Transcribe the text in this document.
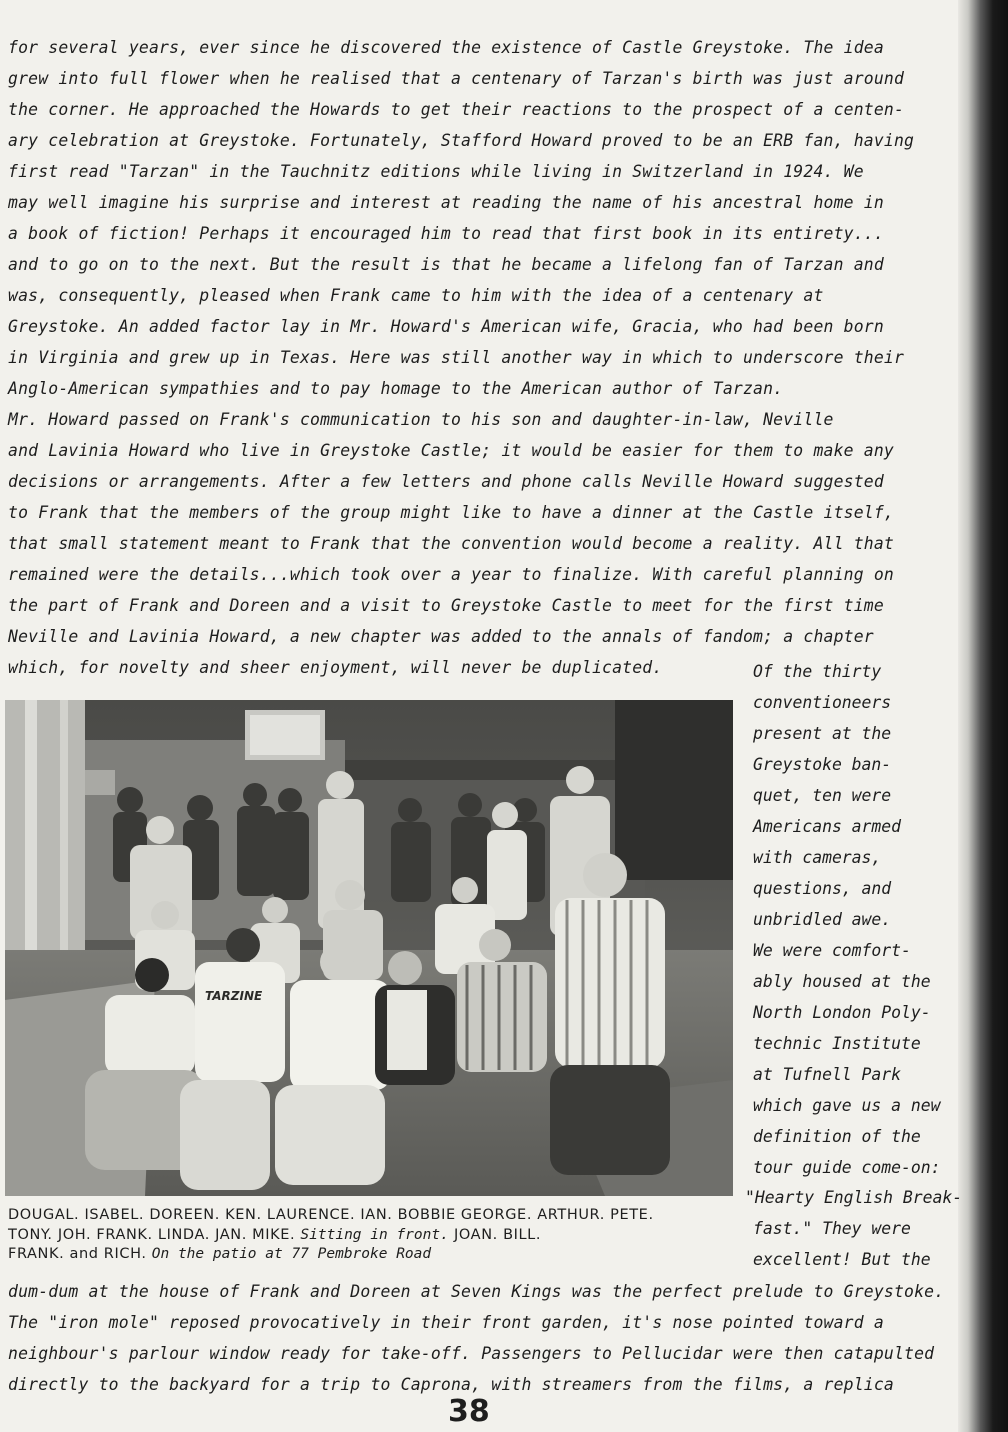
for several years, ever since he discovered the existence of Castle Greystoke. The idea
grew into full flower when he realised that a centenary of Tarzan's birth was just around
the corner. He approached the Howards to get their reactions to the prospect of a centen-
ary celebration at Greystoke. Fortunately, Stafford Howard proved to be an ERB fan, having
first read "Tarzan" in the Tauchnitz editions while living in Switzerland in 1924. We
may well imagine his surprise and interest at reading the name of his ancestral home in
a book of fiction! Perhaps it encouraged him to read that first book in its entirety...
and to go on to the next. But the result is that he became a lifelong fan of Tarzan and
was, consequently, pleased when Frank came to him with the idea of a centenary at
Greystoke. An added factor lay in Mr. Howard's American wife, Gracia, who had been born
in Virginia and grew up in Texas. Here was still another way in which to underscore their
Anglo-American sympathies and to pay homage to the American author of Tarzan.
Mr. Howard passed on Frank's communication to his son and daughter-in-law, Neville
and Lavinia Howard who live in Greystoke Castle; it would be easier for them to make any
decisions or arrangements. After a few letters and phone calls Neville Howard suggested
to Frank that the members of the group might like to have a dinner at the Castle itself,
that small statement meant to Frank that the convention would become a reality. All that
remained were the details...which took over a year to finalize. With careful planning on
the part of Frank and Doreen and a visit to Greystoke Castle to meet for the first time
Neville and Lavinia Howard, a new chapter was added to the annals of fandom; a chapter
which, for novelty and sheer enjoyment, will never be duplicated.
TARZINE
Of the thirty
conventioneers
present at the
Greystoke ban-
quet, ten were
Americans armed
with cameras,
questions, and
unbridled awe.
We were comfort-
ably housed at the
North London Poly-
technic Institute
at Tufnell Park
which gave us a new
definition of the
tour guide come-on:
"Hearty English Break-
fast." They were
excellent! But the
DOUGAL. ISABEL. DOREEN. KEN. LAURENCE. IAN. BOBBIE GEORGE. ARTHUR. PETE.
TONY. JOH. FRANK. LINDA. JAN. MIKE. Sitting in front. JOAN. BILL.
FRANK. and RICH. On the patio at 77 Pembroke Road
dum-dum at the house of Frank and Doreen at Seven Kings was the perfect prelude to Greystoke.
The "iron mole" reposed provocatively in their front garden, it's nose pointed toward a
neighbour's parlour window ready for take-off. Passengers to Pellucidar were then catapulted
directly to the backyard for a trip to Caprona, with streamers from the films, a replica
38
